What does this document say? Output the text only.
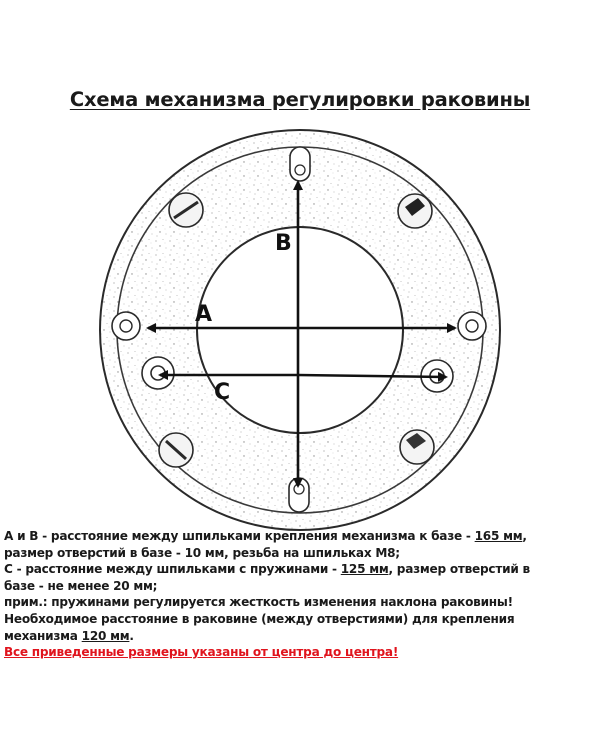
Схема механизма регулировки раковины
B
A
C
А и В - расстояние между шпильками крепления механизма к базе - 165 мм,
размер отверстий в базе - 10 мм, резьба на шпильках М8;
С - расстояние между шпильками с пружинами - 125 мм, размер отверстий в
базе - не менее 20 мм;
прим.: пружинами регулируется жесткость изменения наклона раковины!
Необходимое расстояние в раковине (между отверстиями) для крепления
механизма 120 мм.
Все приведенные размеры указаны от центра до центра!
